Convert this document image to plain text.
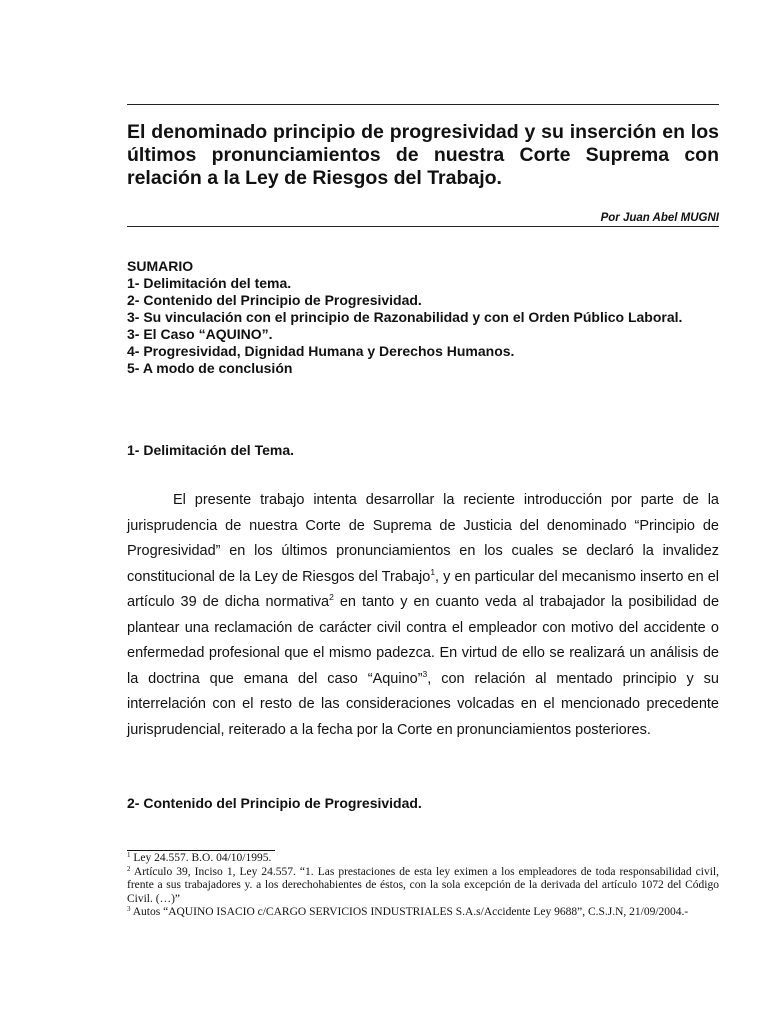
El denominado principio de progresividad y su inserción en los últimos pronunciamientos de nuestra Corte Suprema con relación a la Ley de Riesgos del Trabajo.
Por Juan Abel MUGNI
SUMARIO
1- Delimitación del tema.
2- Contenido del Principio de Progresividad.
3- Su vinculación con el principio de Razonabilidad y con el Orden Público Laboral.
3- El Caso “AQUINO”.
4- Progresividad, Dignidad Humana y Derechos Humanos.
5- A modo de conclusión
1- Delimitación del Tema.
El presente trabajo intenta desarrollar la reciente introducción por parte de la jurisprudencia de nuestra Corte de Suprema de Justicia del denominado “Principio de Progresividad” en los últimos pronunciamientos en los cuales se declaró la invalidez constitucional de la Ley de Riesgos del Trabajo$^1$, y en particular del mecanismo inserto en el artículo 39 de dicha normativa$^2$ en tanto y en cuanto veda al trabajador la posibilidad de plantear una reclamación de carácter civil contra el empleador con motivo del accidente o enfermedad profesional que el mismo padezca. En virtud de ello se realizará un análisis de la doctrina que emana del caso “Aquino”$^3$, con relación al mentado principio y su interrelación con el resto de las consideraciones volcadas en el mencionado precedente jurisprudencial, reiterado a la fecha por la Corte en pronunciamientos posteriores.
2- Contenido del Principio de Progresividad.
$^1$ Ley 24.557. B.O. 04/10/1995.
$^2$ Artículo 39, Inciso 1, Ley 24.557. “1. Las prestaciones de esta ley eximen a los empleadores de toda responsabilidad civil, frente a sus trabajadores y. a los derechohabientes de éstos, con la sola excepción de la derivada del artículo 1072 del Código Civil. (…)”
$^3$ Autos “AQUINO ISACIO c/CARGO SERVICIOS INDUSTRIALES S.A.s/Accidente Ley 9688”, C.S.J.N, 21/09/2004.-
